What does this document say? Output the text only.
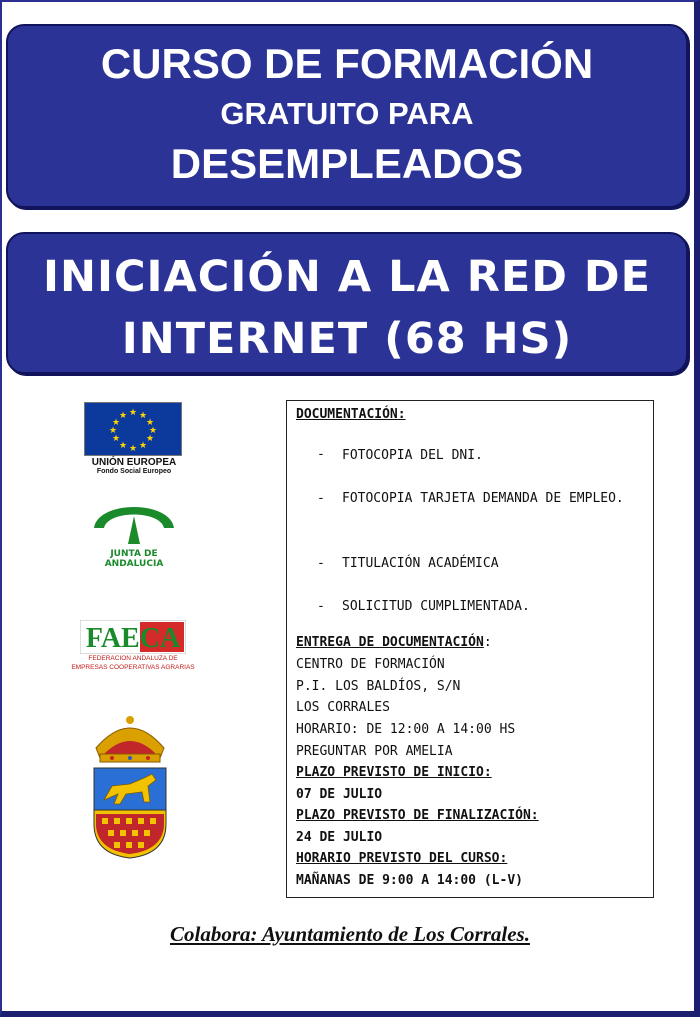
CURSO DE FORMACIÓN
GRATUITO PARA
DESEMPLEADOS
INICIACIÓN A LA RED DE
INTERNET (68 HS)
★ ★
★
★
★
★
★
★
★
★
★
★
UNIÓN EUROPEA
Fondo Social Europeo
JUNTA DE ANDALUCIA
FAECA
FEDERACION ANDALUZA DE
EMPRESAS COOPERATIVAS AGRARIAS
DOCUMENTACIÓN:
- FOTOCOPIA DEL DNI.
- FOTOCOPIA TARJETA DEMANDA DE EMPLEO.
- TITULACIÓN ACADÉMICA
- SOLICITUD CUMPLIMENTADA.
ENTREGA DE DOCUMENTACIÓN:
CENTRO DE FORMACIÓN
P.I. LOS BALDÍOS, S/N
LOS CORRALES
HORARIO: DE 12:00 A 14:00 HS
PREGUNTAR POR AMELIA
PLAZO PREVISTO DE INICIO:
07 DE JULIO
PLAZO PREVISTO DE FINALIZACIÓN:
24 DE JULIO
HORARIO PREVISTO DEL CURSO:
MAÑANAS DE 9:00 A 14:00 (L-V)
Colabora: Ayuntamiento de Los Corrales.
